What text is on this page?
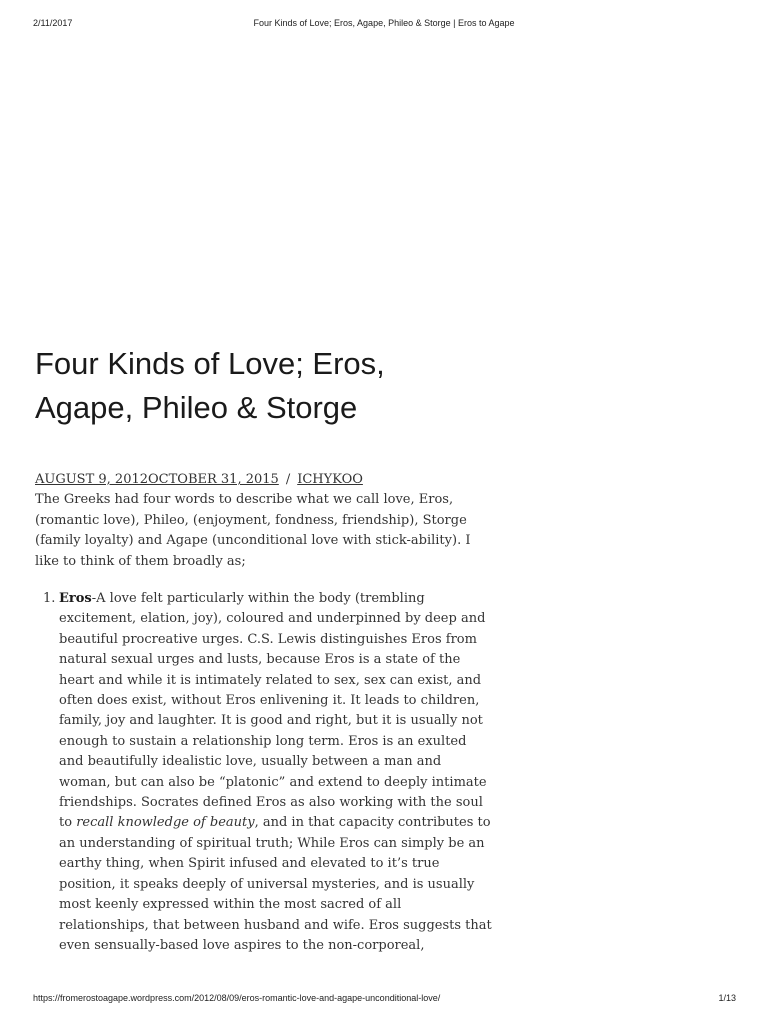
2/11/2017	Four Kinds of Love; Eros, Agape, Phileo & Storge | Eros to Agape
Four Kinds of Love; Eros,
Agape, Phileo & Storge
AUGUST 9, 2012OCTOBER 31, 2015 / ICHYKOO

The Greeks had four words to describe what we call love, Eros, (romantic love), Phileo, (enjoyment, fondness, friendship), Storge (family loyalty) and Agape (unconditional love with stick-ability). I like to think of them broadly as;

1. Eros-A love felt particularly within the body (trembling excitement, elation, joy), coloured and underpinned by deep and beautiful procreative urges. C.S. Lewis distinguishes Eros from natural sexual urges and lusts, because Eros is a state of the heart and while it is intimately related to sex, sex can exist, and often does exist, without Eros enlivening it. It leads to children, family, joy and laughter. It is good and right, but it is usually not enough to sustain a relationship long term. Eros is an exulted and beautifully idealistic love, usually between a man and woman, but can also be “platonic” and extend to deeply intimate friendships. Socrates defined Eros as also working with the soul to recall knowledge of beauty, and in that capacity contributes to an understanding of spiritual truth; While Eros can simply be an earthy thing, when Spirit infused and elevated to it’s true position, it speaks deeply of universal mysteries, and is usually most keenly expressed within the most sacred of all relationships, that between husband and wife. Eros suggests that even sensually-based love aspires to the non-corporeal,
https://fromerostoagape.wordpress.com/2012/08/09/eros-romantic-love-and-agape-unconditional-love/	1/13
